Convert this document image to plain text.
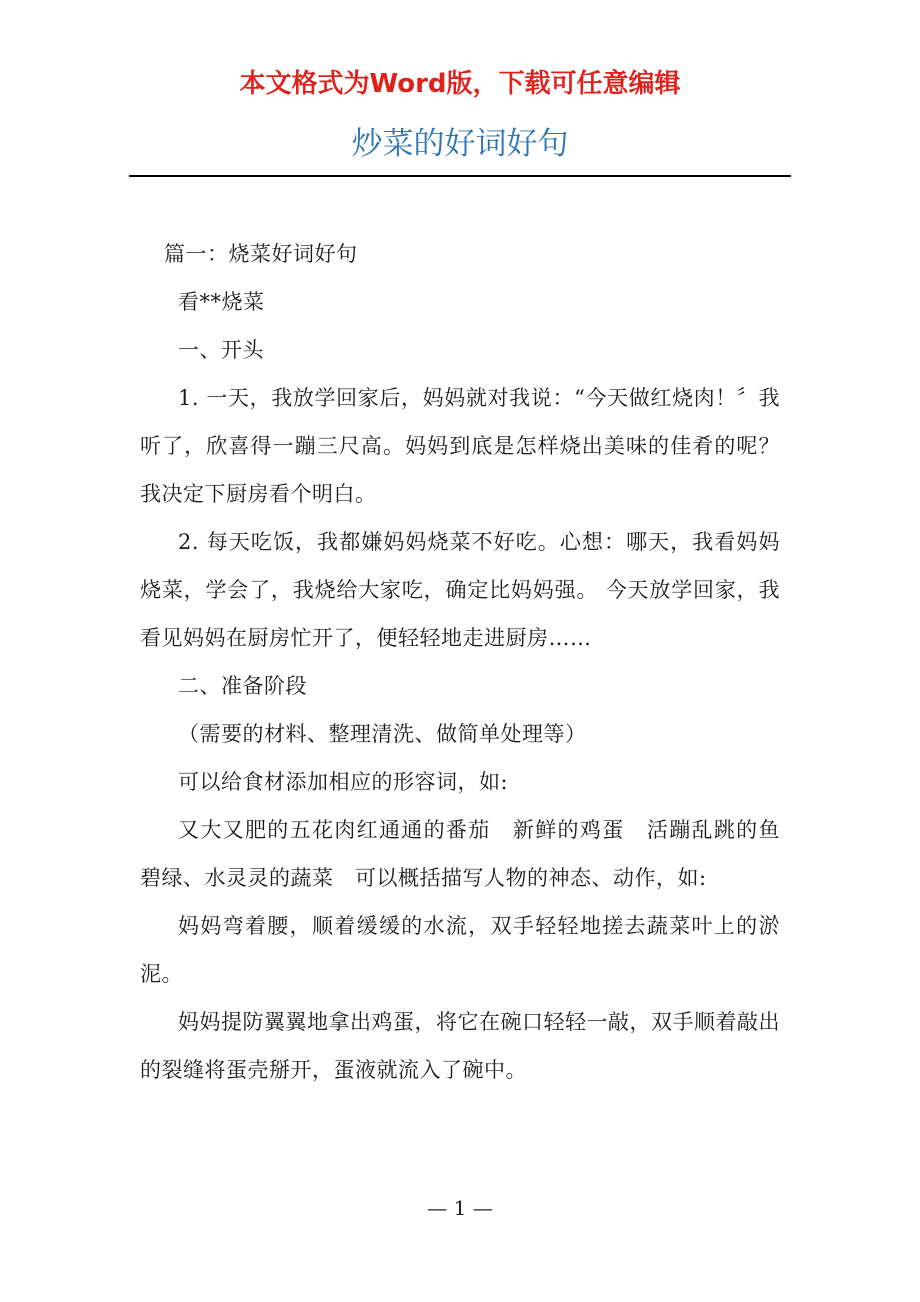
本文格式为Word版，下载可任意编辑
炒菜的好词好句

篇一：烧菜好词好句

看**烧菜

一、开头

1. 一天，我放学回家后，妈妈就对我说：“今天做红烧肉！〞我听了，欣喜得一蹦三尺高。妈妈到底是怎样烧出美味的佳肴的呢？我决定下厨房看个明白。

2. 每天吃饭，我都嫌妈妈烧菜不好吃。心想：哪天，我看妈妈烧菜，学会了，我烧给大家吃，确定比妈妈强。 今天放学回家，我看见妈妈在厨房忙开了，便轻轻地走进厨房……

二、准备阶段

（需要的材料、整理清洗、做简单处理等）

可以给食材添加相应的形容词，如:

又大又肥的五花肉红通通的番茄　新鲜的鸡蛋　活蹦乱跳的鱼　碧绿、水灵灵的蔬菜　可以概括描写人物的神态、动作，如:

妈妈弯着腰，顺着缓缓的水流，双手轻轻地搓去蔬菜叶上的淤泥。

妈妈提防翼翼地拿出鸡蛋，将它在碗口轻轻一敲，双手顺着敲出的裂缝将蛋壳掰开，蛋液就流入了碗中。

— 1 —
